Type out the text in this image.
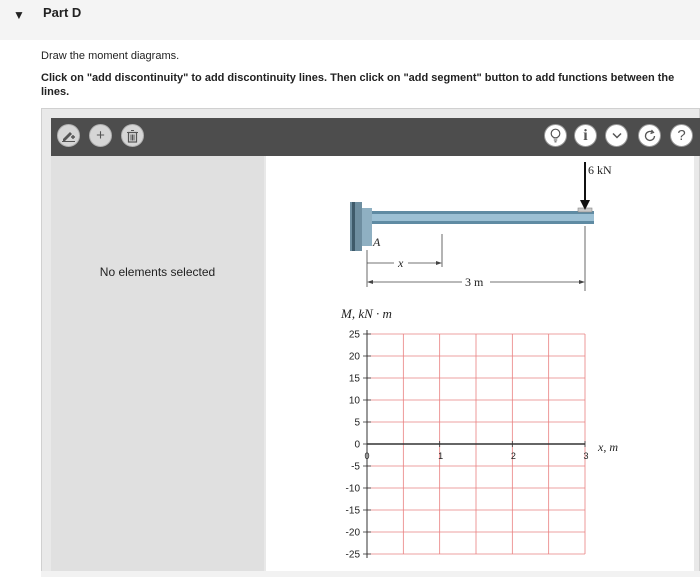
▼ Part D
Draw the moment diagrams.
Click on "add discontinuity" to add discontinuity lines. Then click on "add segment" button to add functions between the lines.
+	i	?
No elements selected
6 kN
A
x
3 m
M, kN · m
x, m
25
20
15
10
5
0
-5
-10
-15
-20
-25
0	1	2	3
